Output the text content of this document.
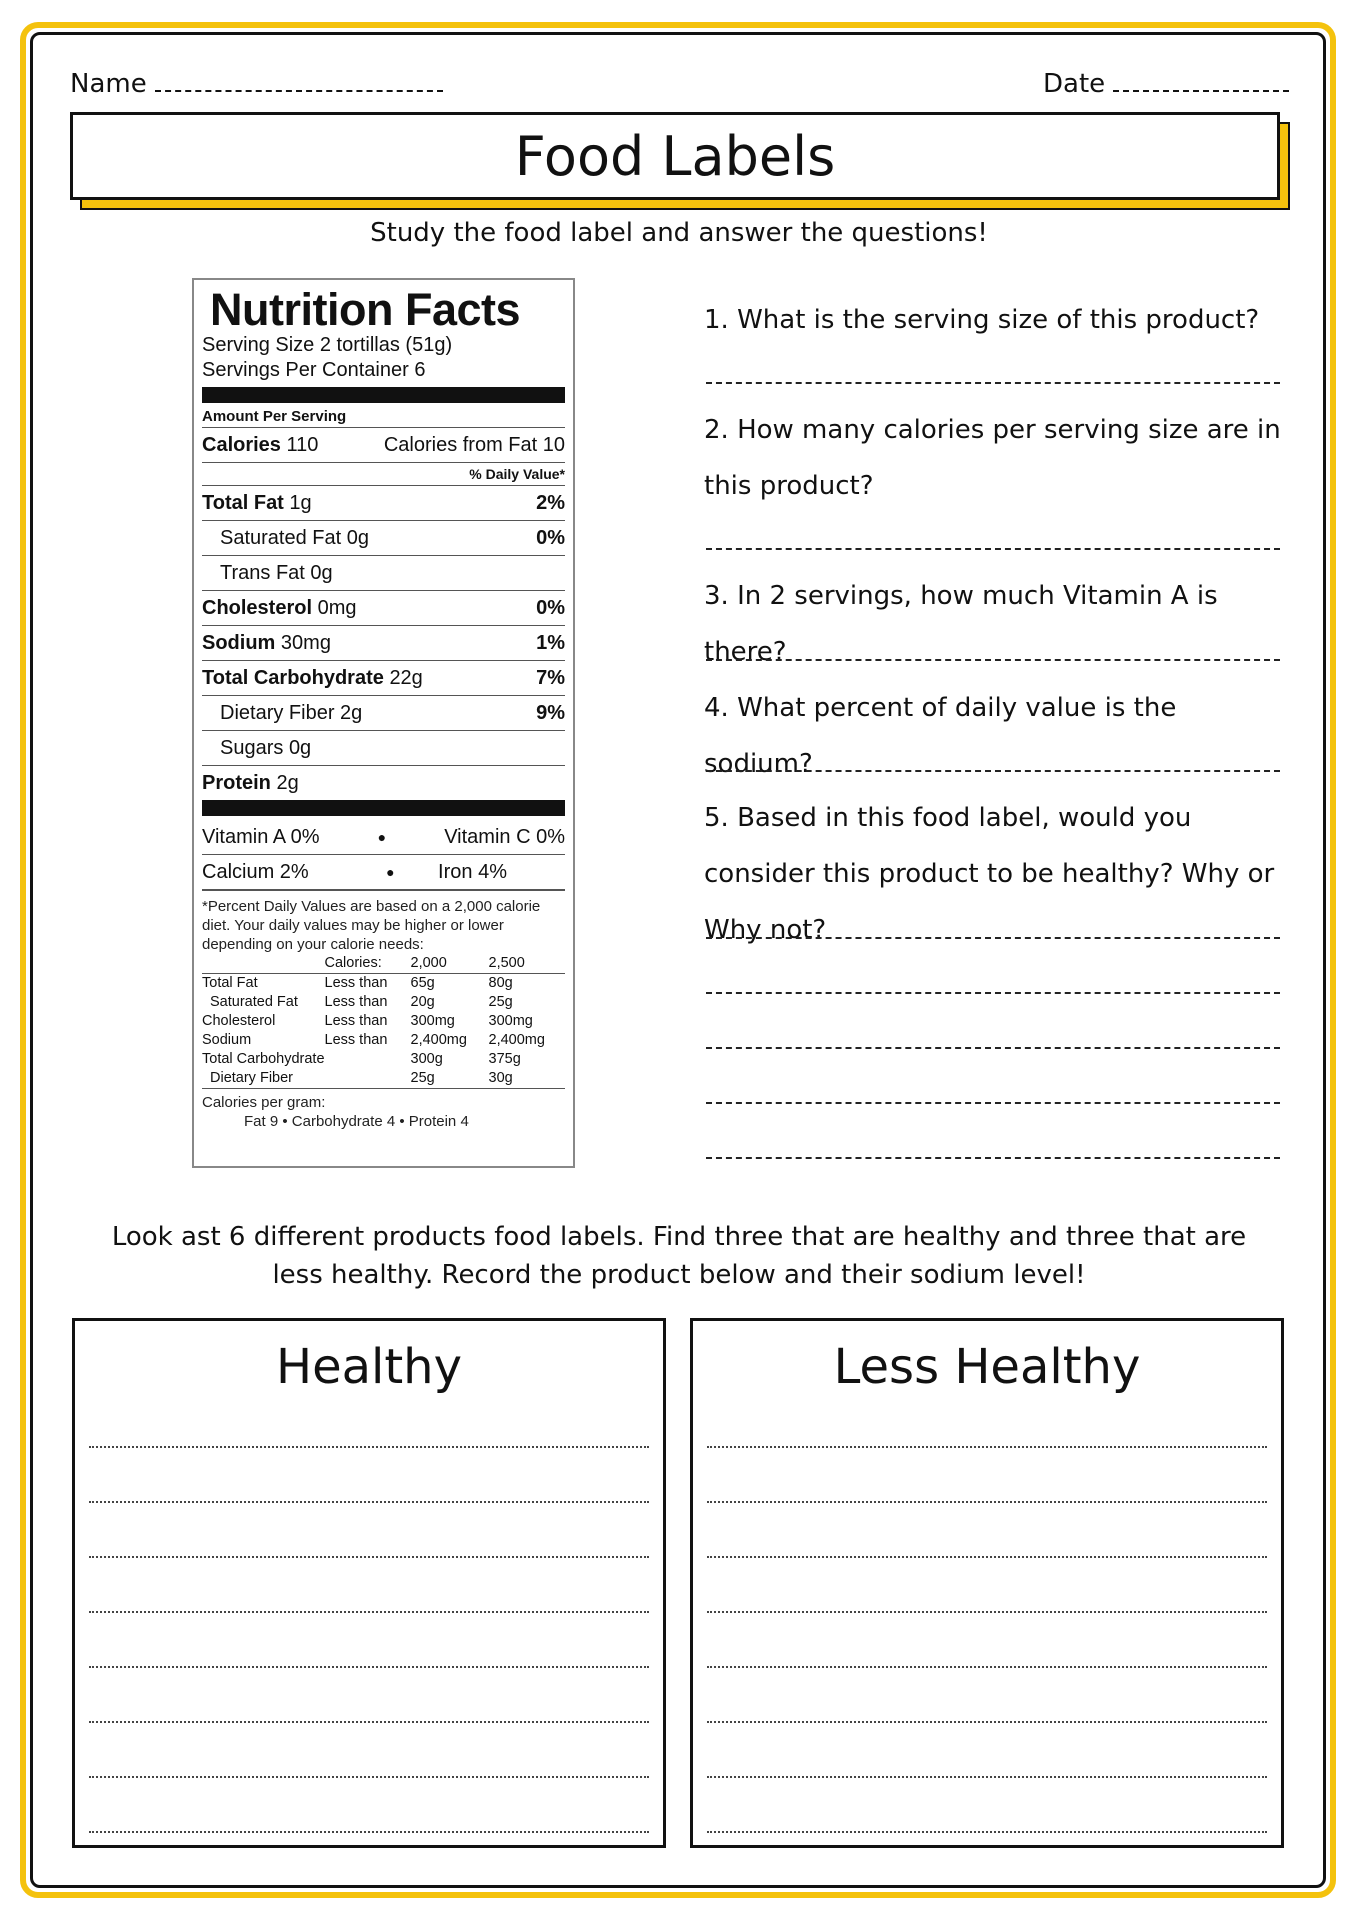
Name	Date
Food Labels
Study the food label and answer the questions!
Nutrition Facts
Serving Size 2 tortillas (51g)
Servings Per Container 6
Amount Per Serving
Calories 110	Calories from Fat 10
% Daily Value*
Total Fat 1g	2%
Saturated Fat 0g	0%
Trans Fat 0g
Cholesterol 0mg	0%
Sodium 30mg	1%
Total Carbohydrate 22g	7%
Dietary Fiber 2g	9%
Sugars 0g
Protein 2g
Vitamin A 0%	●	Vitamin C 0%
Calcium 2%	● Iron 4%
*Percent Daily Values are based on a 2,000 calorie diet. Your daily values may be higher or lower depending on your calorie needs:
	Calories:	2,000	2,500
Total Fat	Less than	65g	80g
Saturated Fat	Less than	20g	25g
Cholesterol	Less than	300mg	300mg
Sodium	Less than	2,400mg	2,400mg
Total Carbohydrate		300g	375g
Dietary Fiber		25g	30g
Calories per gram:
Fat 9 • Carbohydrate 4 • Protein 4
1. What is the serving size of this product?
2. How many calories per serving size are in this product?
3. In 2 servings, how much Vitamin A is there?
4. What percent of daily value is the sodium?
5. Based in this food label, would you consider this product to be healthy? Why or Why not?
Look ast 6 different products food labels. Find three that are healthy and three that are less healthy. Record the product below and their sodium level!
Healthy	Less Healthy
